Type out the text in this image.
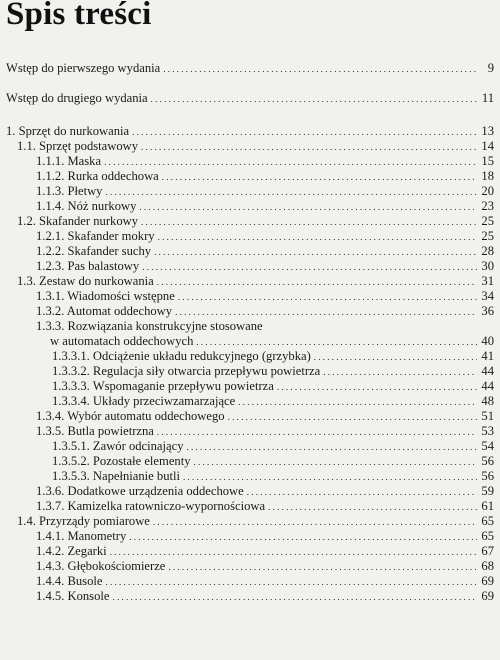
Spis treści
Wstęp do pierwszego wydania . . .	9
Wstęp do drugiego wydania . . .	11
1. Sprzęt do nurkowania . . .	13
1.1. Sprzęt podstawowy . . .	14
1.1.1. Maska . . .	15
1.1.2. Rurka oddechowa . . .	18
1.1.3. Płetwy . . .	20
1.1.4. Nóż nurkowy . . .	23
1.2. Skafander nurkowy . . .	25
1.2.1. Skafander mokry . . .	25
1.2.2. Skafander suchy . . .	28
1.2.3. Pas balastowy . . .	30
1.3. Zestaw do nurkowania . . .	31
1.3.1. Wiadomości wstępne . . .	34
1.3.2. Automat oddechowy . . .	36
1.3.3. Rozwiązania konstrukcyjne stosowane
w automatach oddechowych . . .	40
1.3.3.1. Odciążenie układu redukcyjnego (grzybka) . . .	41
1.3.3.2. Regulacja siły otwarcia przepływu powietrza . . .	44
1.3.3.3. Wspomaganie przepływu powietrza . . .	44
1.3.3.4. Układy przeciwzamarzające . . .	48
1.3.4. Wybór automatu oddechowego . . .	51
1.3.5. Butla powietrzna . . .	53
1.3.5.1. Zawór odcinający . . .	54
1.3.5.2. Pozostałe elementy . . .	56
1.3.5.3. Napełnianie butli . . .	56
1.3.6. Dodatkowe urządzenia oddechowe . . .	59
1.3.7. Kamizelka ratowniczo-wypornościowa . . .	61
1.4. Przyrządy pomiarowe . . .	65
1.4.1. Manometry . . .	65
1.4.2. Zegarki . . .	67
1.4.3. Głębokościomierze . . .	68
1.4.4. Busole . . .	69
1.4.5. Konsole . . .	69
